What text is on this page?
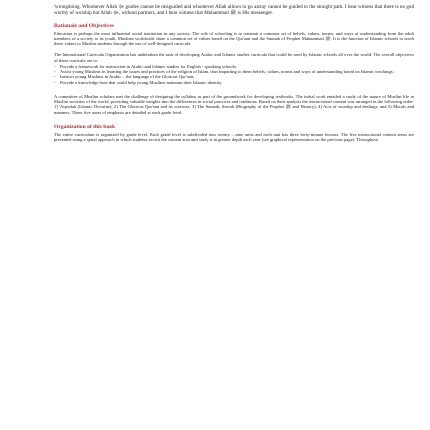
'wrongdoing. Whomever Allah ﷻ guides cannot be misguided and whomever Allah allows to go astray cannot be guided to the straight path. I bear witness that there is no god worthy of worship but Allah ﷻ, without partners, and I bear witness that Muhammad ﷺ is His messenger.

Rationale and Objectives

Education is perhaps the most influential social institution in any society. The role of schooling is to transmit a common set of beliefs, values, norms, and ways of understanding from the adult members of a society to its youth. Muslims worldwide share a common set of values based on the Qur'aan and the Sunnah of Prophet Muhammad ﷺ. It is the function of Islamic schools to teach these values to Muslim students through the use of well-designed curricula.

The International Curricula Organization has undertaken the task of developing Arabic and Islamic studies curricula that could be used by Islamic schools all over the world. The overall objectives of these curricula are to:

- Provide a framework for instruction in Arabic and Islamic studies for English - speaking schools;
- Assist young Muslims in learning the issues and practices of the religion of Islam, thus imparting to them beliefs, values, norms and ways of understanding based on Islamic teachings;
- Instruct young Muslims in Arabic – the language of the Glorious Qur'aan;
- Provide a knowledge base that could help young Muslims maintain their Islamic identity.

A committee of Muslim scholars met the challenge of designing the syllabus as part of the groundwork for developing textbooks. The initial work entailed a study of the nature of Muslim life in Muslim societies of the world, providing valuable insights into the differences in social practices and traditions. Based on their analysis the instructional content was arranged in the following order: 1) 'Aqeedah (Islamic Doctrine), 2) The Glorious Qur'aan and its sciences, 3) The Sunnah, Seerah (Biography of the Prophet ﷺ and History), 4) Acts of worship and dealings, and 5) Morals and manners. These five areas of emphasis are detailed at each grade level.

Organization of this book

The entire curriculum is organized by grade level. Each grade level is subdivided into twenty – nine units and each unit has three forty-minute lessons. The five instructional content areas are presented using a spiral approach in which students revisit the content area and study it in greater depth each year (see graphical representation on the previous page). Throughout
